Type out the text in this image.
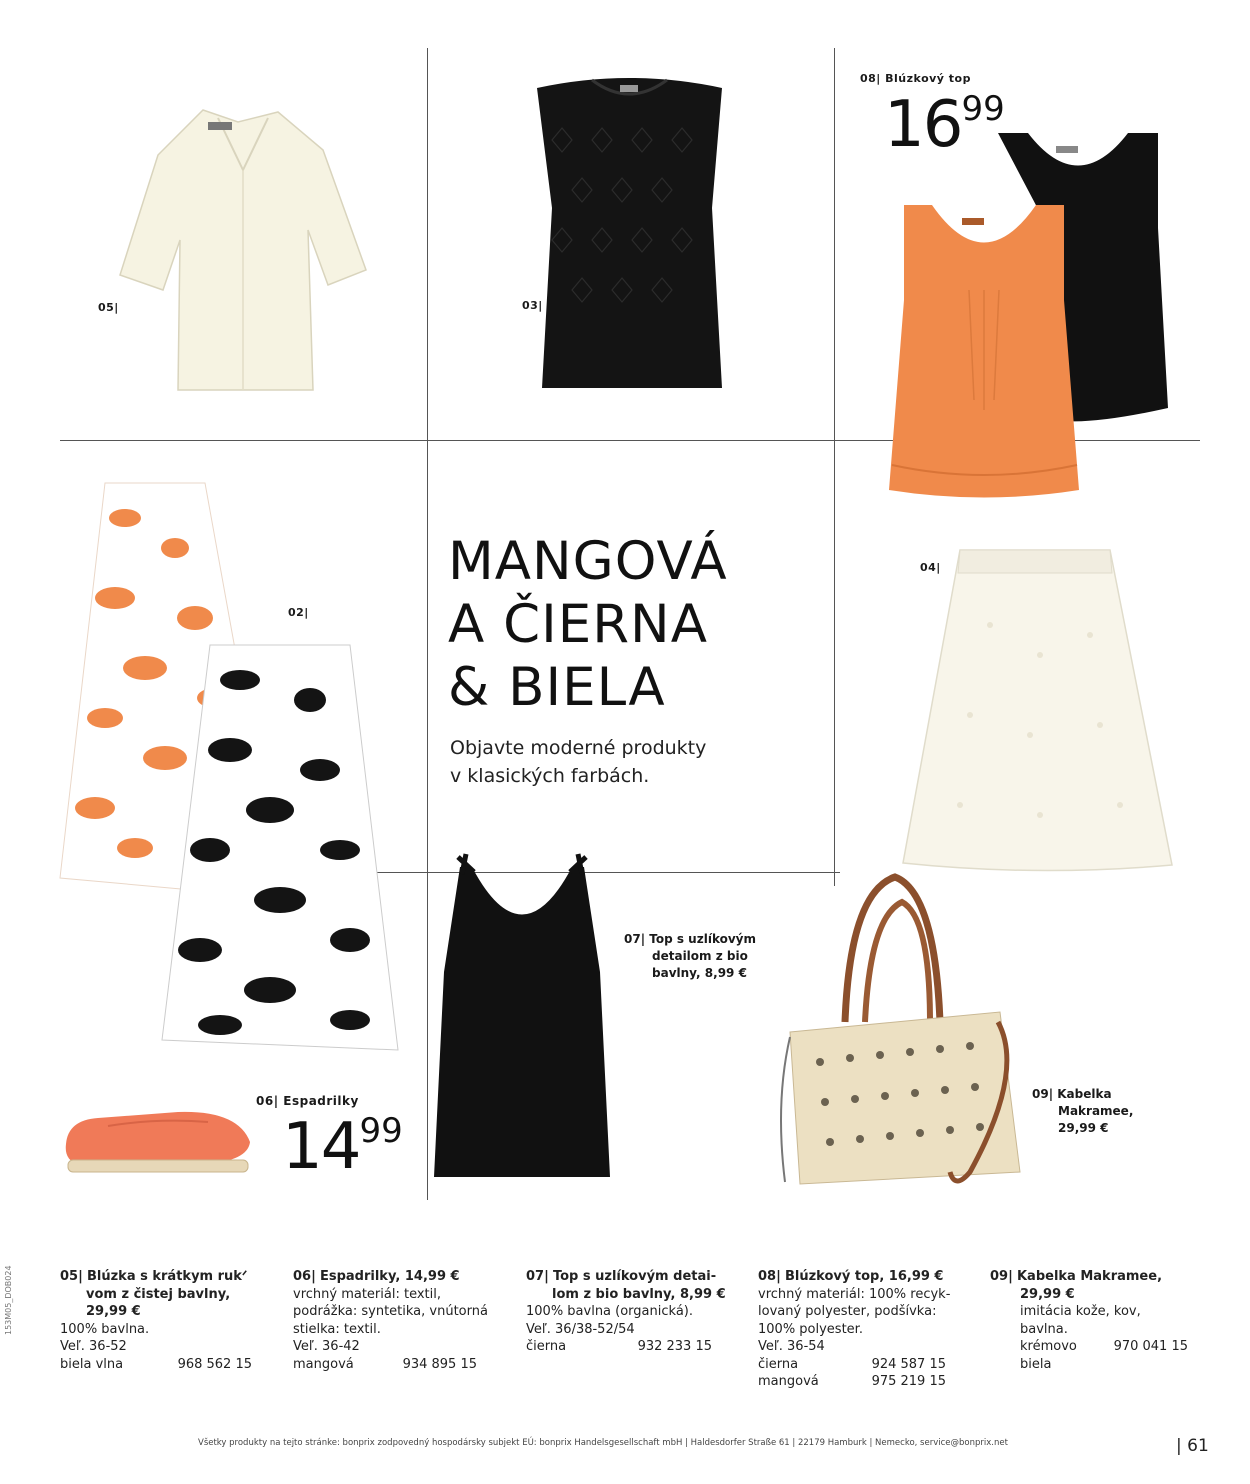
05|	03|
08| Blúzkový top
$16^{99}$
MANGOVÁ
A ČIERNA
& BIELA
Objavte moderné produkty
v klasických farbách.
02|
04|
07| Top s uzlíkovým
detailom z bio
bavlny, 8,99 €
06| Espadrilky
$14^{99}$
09| Kabelka
Makramee,
29,99 €
05| Blúzka s krátkym rukᐟ
vom z čistej bavlny,
29,99 €
100% bavlna.
Veľ. 36-52
biela vlna	968 562 15
06| Espadrilky, 14,99 €
vrchný materiál: textil,
podrážka: syntetika, vnútorná
stielka: textil.
Veľ. 36-42
mangová	934 895 15
07| Top s uzlíkovým detai-
lom z bio bavlny, 8,99 €
100% bavlna (organická).
Veľ. 36/38-52/54
čierna	932 233 15
08| Blúzkový top, 16,99 €
vrchný materiál: 100% recyk-
lovaný polyester, podšívka:
100% polyester.
Veľ. 36-54
čierna	924 587 15
mangová	975 219 15
09| Kabelka Makramee,
29,99 €
imitácia kože, kov, bavlna.
krémovo	970 041 15
biela
153M05_DOB024
Všetky produkty na tejto stránke: bonprix zodpovedný hospodársky subjekt EÚ: bonprix Handelsgesellschaft mbH | Haldesdorfer Straße 61 | 22179 Hamburk | Nemecko, service@bonprix.net	| 61
